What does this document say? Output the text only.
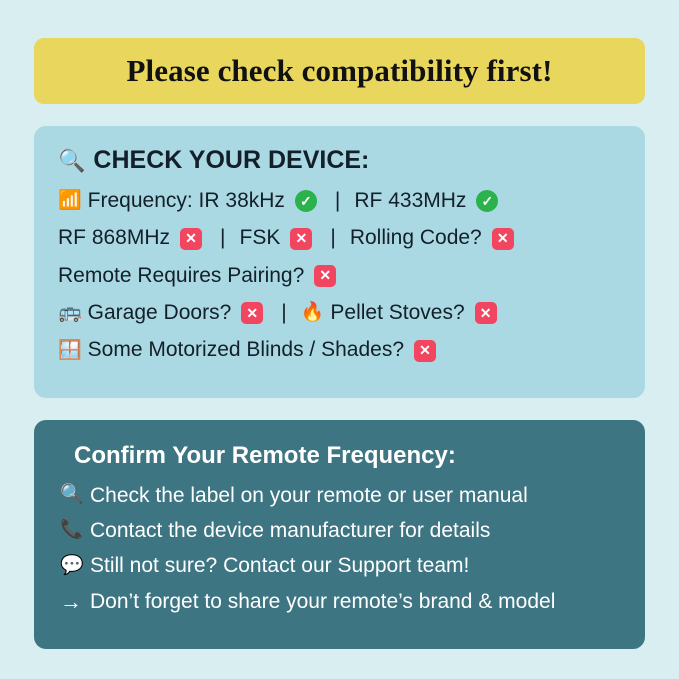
Please check compatibility first!
🔍 CHECK YOUR DEVICE:
📶 Frequency: IR 38kHz	✓ | RF 433MHz	✓
RF 868MHz	✕ | FSK	✕ | Rolling Code?	✕
Remote Requires Pairing?	✕
🚌 Garage Doors?	✕ | 🔥 Pellet Stoves?	✕
🪟 Some Motorized Blinds / Shades?	✕
Confirm Your Remote Frequency:
🔍 Check the label on your remote or user manual
📞 Contact the device manufacturer for details
💬 Still not sure? Contact our Support team!
→ Don’t forget to share your remote’s brand & model
